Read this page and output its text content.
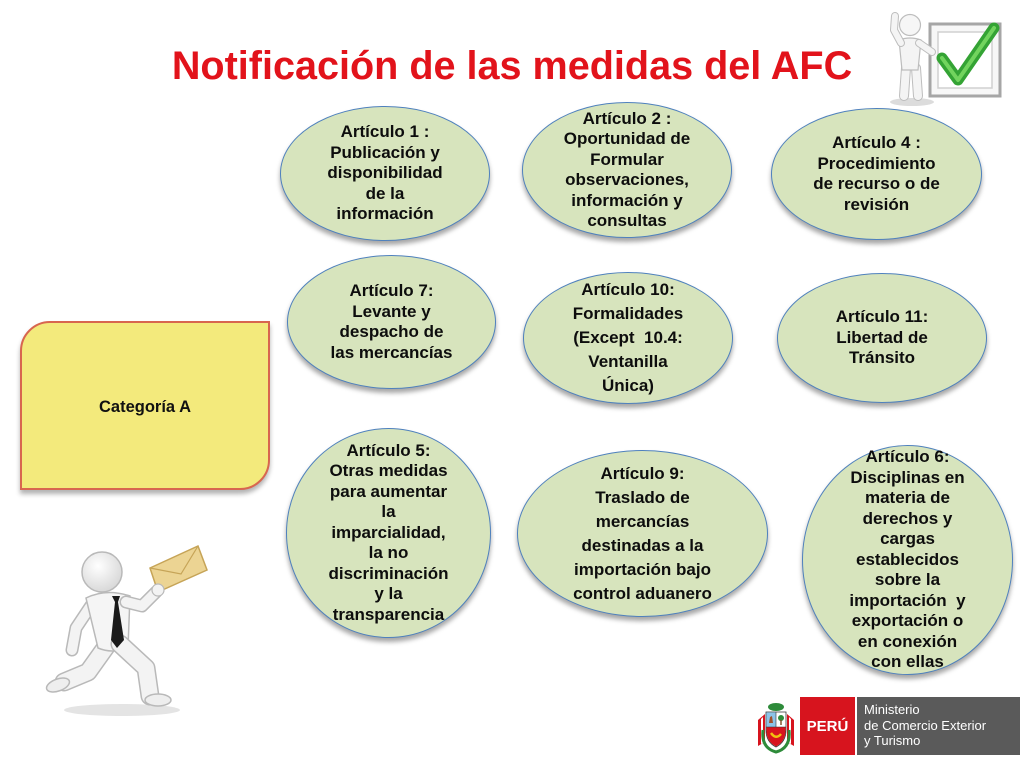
Notificación de las medidas del AFC
Artículo 1 :
Publicación y
disponibilidad
de la
información
Artículo 2 :
Oportunidad de
Formular
observaciones,
información y
consultas
Artículo 4 :
Procedimiento
de recurso o de
revisión
Artículo 7:
Levante y
despacho de
las mercancías
Artículo 10:
Formalidades
(Except  10.4:
Ventanilla
Única)
Artículo 11:
Libertad de
Tránsito
Artículo 5:
Otras medidas
para aumentar
la
imparcialidad,
la no
discriminación
y la
transparencia
Artículo 9:
Traslado de
mercancías
destinadas a la
importación bajo
control aduanero
Artículo 6:
Disciplinas en
materia de
derechos y
cargas
establecidos
sobre la
importación  y
exportación o
en conexión
con ellas
Categoría A
PERÚ
Ministerio
de Comercio Exterior
y Turismo
